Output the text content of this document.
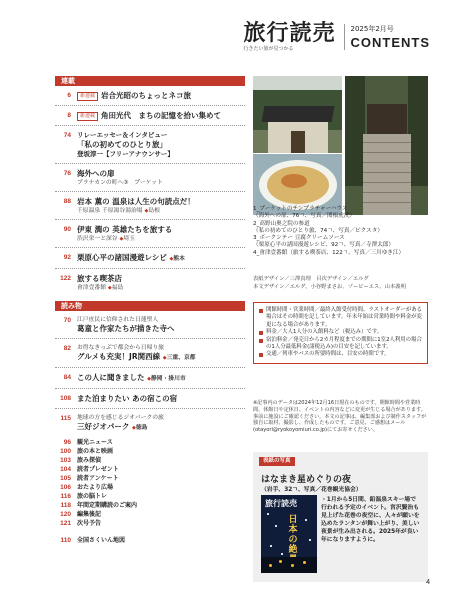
旅行読売
行きたい旅が見つかる
2025年2月号
CONTENTS
連載
6	新連載 岩合光昭のちょっとネコ旅
8	新連載 角田光代　まちの記憶を拾い集めて
74 リレーエッセー＆インタビュー
「私の初めてのひとり旅」
登坂淳一【フリーアナウンサー】
76 海外への扉
プラナカンの町へ③　プーケット
88 岩本 薫の 温泉は人生の句読点だ！
千原温泉 千原湯谷湯治場 ◆島根
90 伊東 潤の 英雄たちを旅する
渋沢栄一と深谷 ◆埼玉
92 栗原心平の諸国漫遊レシピ ◆熊本
122 旅する喫茶店
會津壹番館 ◆福島
読み物
70 江戸庶民に信仰された日蓮聖人
葛童と作家たちが描きた寺へ
82 お得なきっぷで都会から日帰り旅
グルメも充実！JR関西線 ◆三重、京都
84 この人に聞きました ◆静岡・掛川市
108 また泊まりたい あの宿この宿
115 地球の方を感じるジオパークの旅
三好ジオパーク ◆徳島
96 観光ニュース
100 旅の本と映画
103 旅み探偵
104 読者プレゼント
105 読者アンケート
106 おたより広場
116 旅の脳トレ
118 年間定期購読のご案内
120 編集後記
121 次号予告
110 全国さくいん地図
1_プーケットのチンプラチャーハウス
（海外への扉、76ㄱ、写真／関根虎洸）
2_高野山奥之院の参道
（私の初めてのひとり旅、74ㄱ、写真／ピクスタ）
3_ボークンテー 豆腐クリームソース
（栗原心平の諸国漫遊レシピ、92ㄱ、写真／寺澤太郎）
4_會津壹番館（旅する喫茶店、122ㄱ、写真／三川ゆき江）
表紙デザイン／三澤真理　目次デザイン／エルグ
本文デザイン／エルグ、小谷野まさお、ゾーピーエス、山本義明
開館時間・営業時間／最終入館受付時間、ラストオーダーがある場合はその時間を記しています。年末年始は営業時間や料金が変更になる場合があります。
料金／大人1人分の入館料など（税込み）です。
宿泊料金／発売日から2カ月程度までの期間に1室2人利用の場合の1人分最低料金(諸税込み)の目安を記しています。
交通／列車やバスの所要時間は、目安の時間です。

※記事内のデータは2024年12月16日現在のものです。開館時間や営業時間、休館日や定休日、イベントの内容などに変更が生じる場合があります。事前に施設にご確認ください。本文の記事は、編集部および制作スタッフが独自に取材、撮影し、作成したものです。ご意見、ご感想はメール(otayori@ryokoyomiuri.co.jp)にてお寄せください。

表紙の写真
はなまき星めぐりの夜
（岩手、32ㄱ、写真／花巻観光協会）
旅行読売
日本の絶
・1月から5日間、鉛温泉スキー場で行われる予定のイベント。宮沢賢治も見上げた花巻の夜空に、人々が願いを込めたランタンが舞い上がり、美しい夜景が生み出される。2025年が良い年になりますように。
4
